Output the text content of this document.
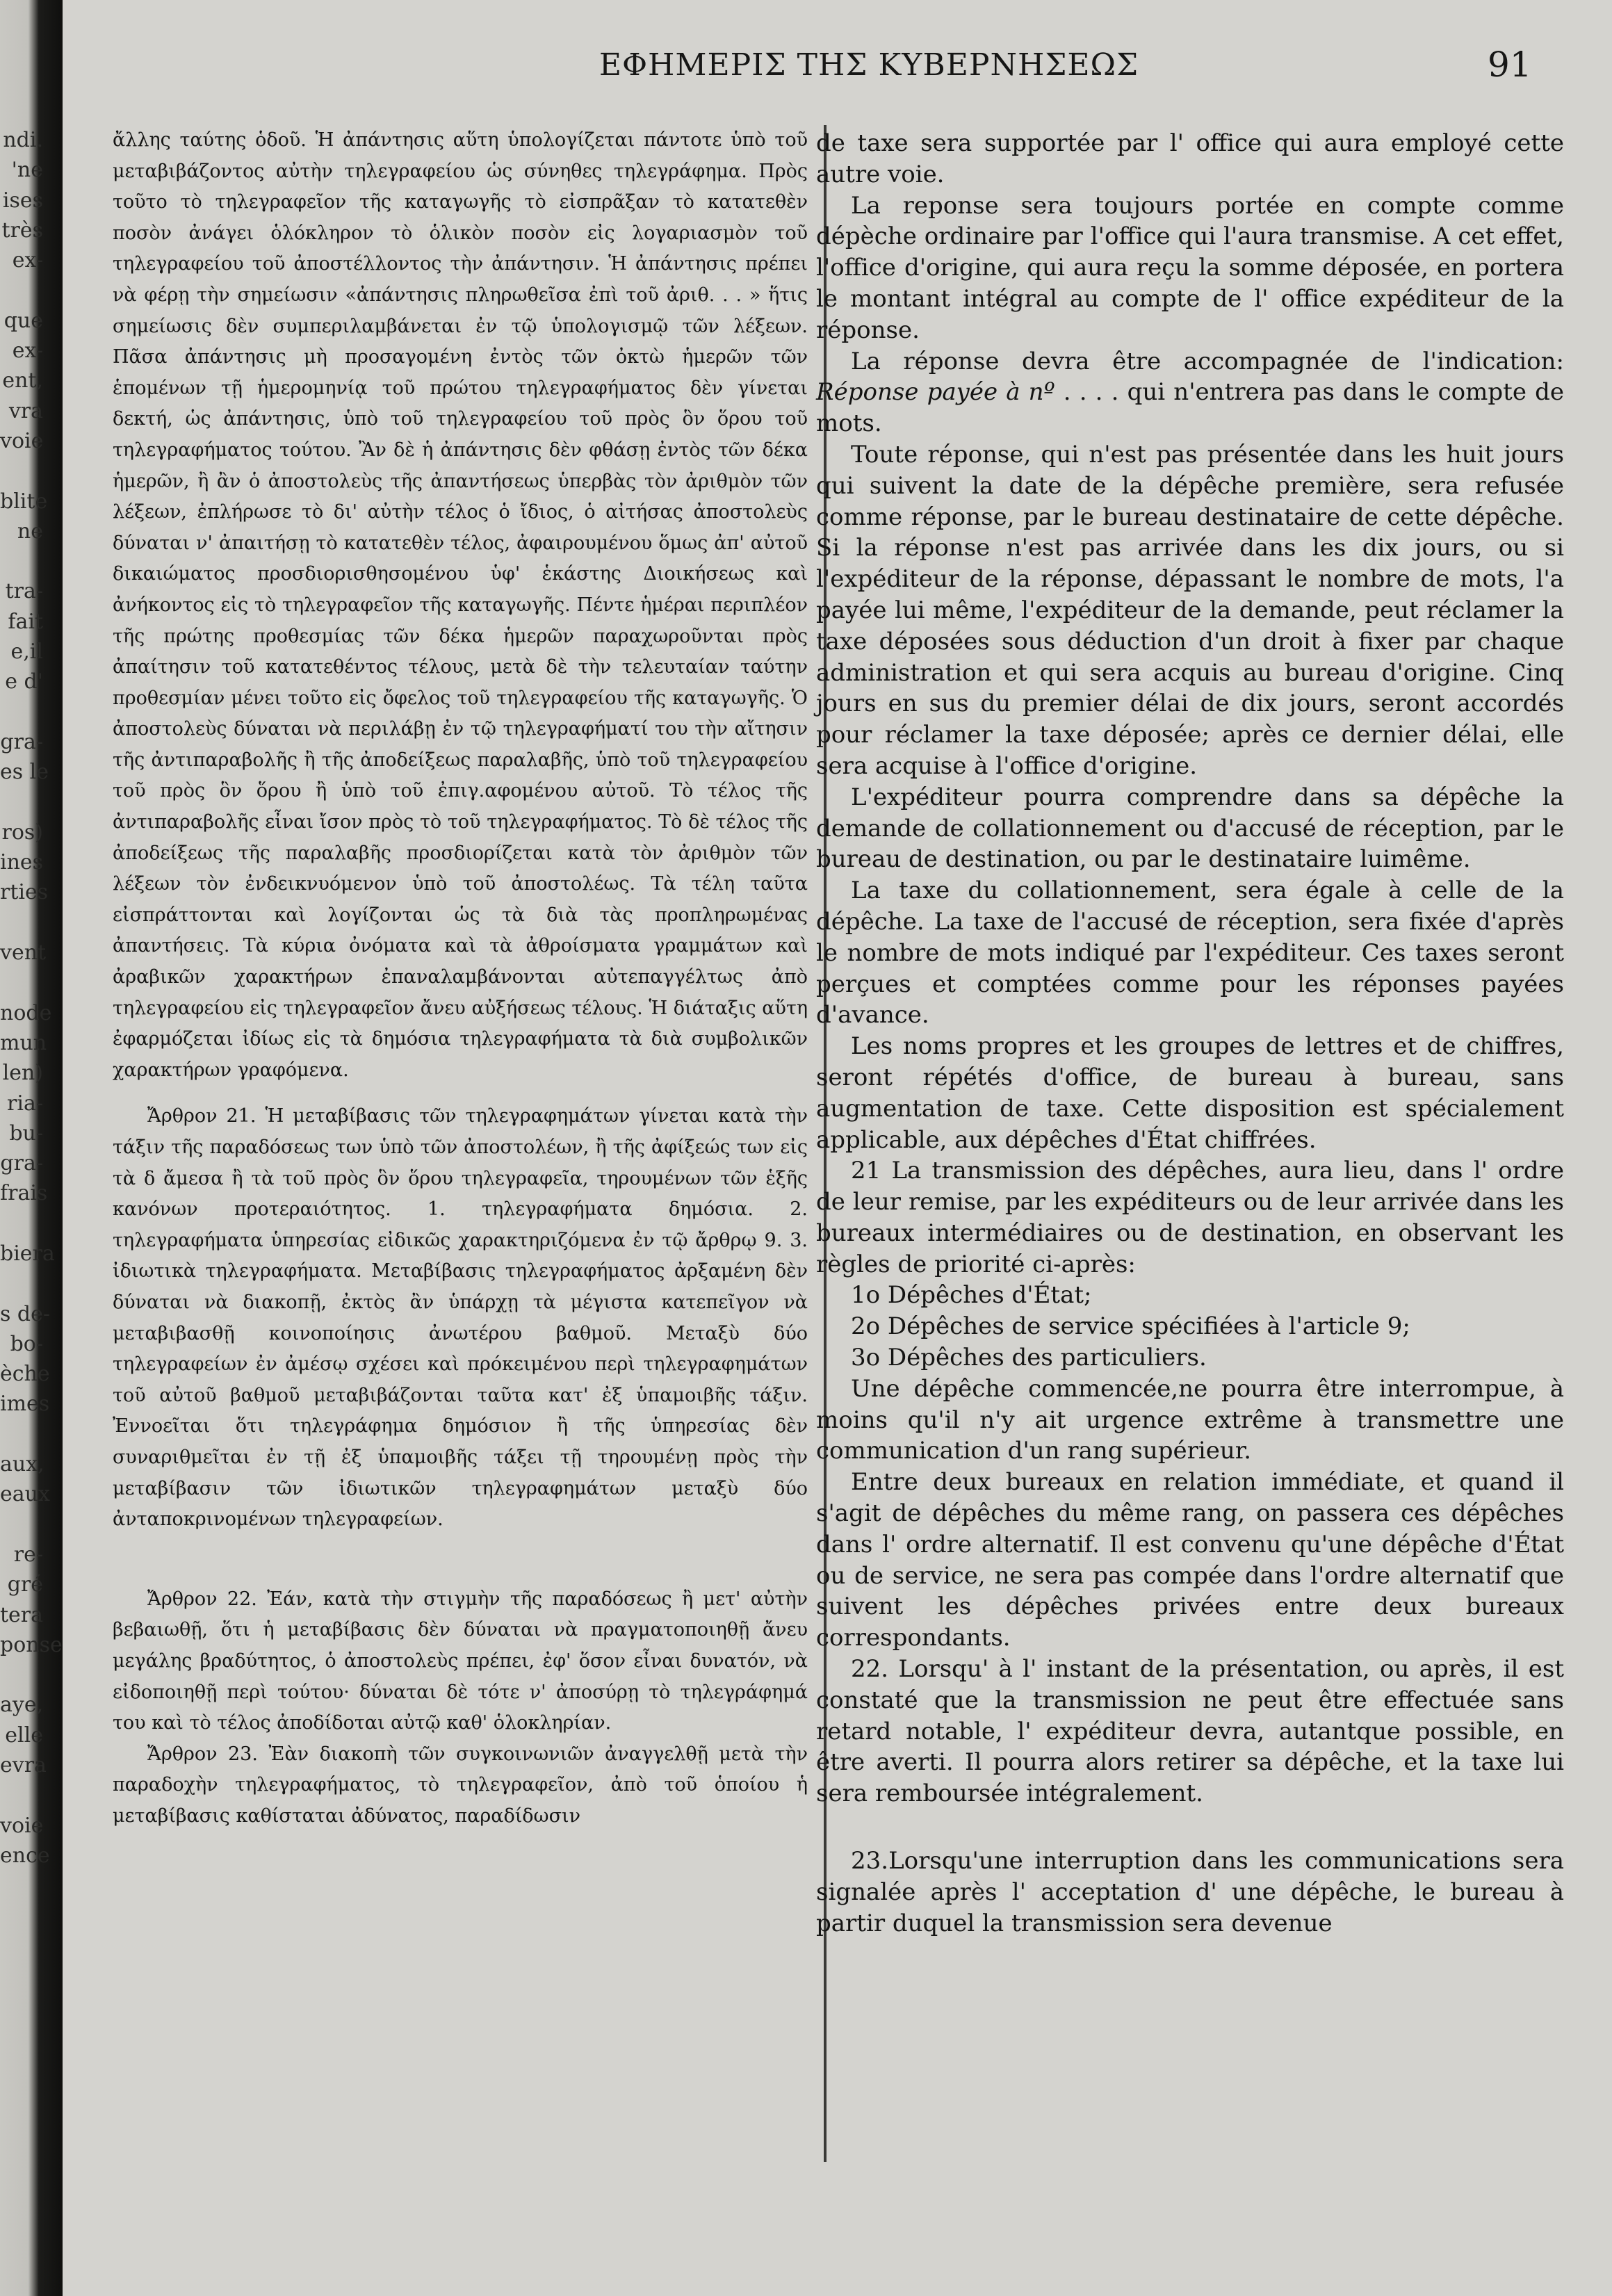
ndi.
'ne
ises
très
ex-
que
ex-
ent,
vra
voie
blite
ne
tra-
fait
e,il
e d'
gra-
es le
ros)
ines
rties
vent
node
mun
len)
ria-
bu-
gra-
frais
biera
s de-
bo-
èche
imes
aux,
eaux
re-
gré
tera
ponse
aye,
elle
evra
voie
ence
ΕΦΗΜΕΡΙΣ ΤΗΣ ΚΥΒΕΡΝΗΣΕΩΣ	91

ἄλλης ταύτης ὁδοῦ. Ἡ ἀπάντησις αὕτη ὑπολογίζεται πάντοτε ὑπὸ τοῦ μεταβιβάζοντος αὐτὴν τηλεγραφείου ὡς σύνηθες τηλεγράφημα. Πρὸς τοῦτο τὸ τηλεγραφεῖον τῆς καταγωγῆς τὸ εἰσπρᾶξαν τὸ κατατεθὲν ποσὸν ἀνάγει ὁλόκληρον τὸ ὁλικὸν ποσὸν εἰς λογαριασμὸν τοῦ τηλεγραφείου τοῦ ἀποστέλλοντος τὴν ἀπάντησιν. Ἡ ἀπάντησις πρέπει νὰ φέρῃ τὴν σημείωσιν «ἀπάντησις πληρωθεῖσα ἐπὶ τοῦ ἀριθ. . . » ἥτις σημείωσις δὲν συμπεριλαμβάνεται ἐν τῷ ὑπολογισμῷ τῶν λέξεων. Πᾶσα ἀπάντησις μὴ προσαγομένη ἐντὸς τῶν ὀκτὼ ἡμερῶν τῶν ἑπομένων τῇ ἡμερομηνίᾳ τοῦ πρώτου τηλεγραφήματος δὲν γίνεται δεκτή, ὡς ἀπάντησις, ὑπὸ τοῦ τηλεγραφείου τοῦ πρὸς ὃν ὅρου τοῦ τηλεγραφήματος τούτου. Ἂν δὲ ἡ ἀπάντησις δὲν φθάσῃ ἐντὸς τῶν δέκα ἡμερῶν, ἢ ἂν ὁ ἀποστολεὺς τῆς ἀπαντήσεως ὑπερβὰς τὸν ἀριθμὸν τῶν λέξεων, ἐπλήρωσε τὸ δι' αὐτὴν τέλος ὁ ἴδιος, ὁ αἰτήσας ἀποστολεὺς δύναται ν' ἀπαιτήσῃ τὸ κατατεθὲν τέλος, ἀφαιρουμένου ὅμως ἀπ' αὐτοῦ δικαιώματος προσδιορισθησομένου ὑφ' ἑκάστης Διοικήσεως καὶ ἀνήκοντος εἰς τὸ τηλεγραφεῖον τῆς καταγωγῆς. Πέντε ἡμέραι περιπλέον τῆς πρώτης προθεσμίας τῶν δέκα ἡμερῶν παραχωροῦνται πρὸς ἀπαίτησιν τοῦ κατατεθέντος τέλους, μετὰ δὲ τὴν τελευταίαν ταύτην προθεσμίαν μένει τοῦτο εἰς ὄφελος τοῦ τηλεγραφείου τῆς καταγωγῆς. Ὁ ἀποστολεὺς δύναται νὰ περιλάβῃ ἐν τῷ τηλεγραφήματί του τὴν αἴτησιν τῆς ἀντιπαραβολῆς ἢ τῆς ἀποδείξεως παραλαβῆς, ὑπὸ τοῦ τηλεγραφείου τοῦ πρὸς ὃν ὅρου ἢ ὑπὸ τοῦ ἐπιγ.αφομένου αὐτοῦ. Τὸ τέλος τῆς ἀντιπαραβολῆς εἶναι ἴσον πρὸς τὸ τοῦ τηλεγραφήματος. Τὸ δὲ τέλος τῆς ἀποδείξεως τῆς παραλαβῆς προσδιορίζεται κατὰ τὸν ἀριθμὸν τῶν λέξεων τὸν ἐνδεικνυόμενον ὑπὸ τοῦ ἀποστολέως. Τὰ τέλη ταῦτα εἰσπράττονται καὶ λογίζονται ὡς τὰ διὰ τὰς προπληρωμένας ἀπαντήσεις. Τὰ κύρια ὀνόματα καὶ τὰ ἀθροίσματα γραμμάτων καὶ ἀραβικῶν χαρακτήρων ἐπαναλαμβάνονται αὐτεπαγγέλτως ἀπὸ τηλεγραφείου εἰς τηλεγραφεῖον ἄνευ αὐξήσεως τέλους. Ἡ διάταξις αὕτη ἐφαρμόζεται ἰδίως εἰς τὰ δημόσια τηλεγραφήματα τὰ διὰ συμβολικῶν χαρακτήρων γραφόμενα.

Ἄρθρον 21. Ἡ μεταβίβασις τῶν τηλεγραφημάτων γίνεται κατὰ τὴν τάξιν τῆς παραδόσεως των ὑπὸ τῶν ἀποστολέων, ἢ τῆς ἀφίξεώς των εἰς τὰ δ ἄμεσα ἢ τὰ τοῦ πρὸς ὃν ὅρου τηλεγραφεῖα, τηρουμένων τῶν ἑξῆς κανόνων προτεραιότητος. 1. τηλεγραφήματα δημόσια. 2. τηλεγραφήματα ὑπηρεσίας εἰδικῶς χαρακτηριζόμενα ἐν τῷ ἄρθρῳ 9. 3. ἰδιωτικὰ τηλεγραφήματα. Μεταβίβασις τηλεγραφήματος ἀρξαμένη δὲν δύναται νὰ διακοπῇ, ἐκτὸς ἂν ὑπάρχῃ τὰ μέγιστα κατεπεῖγον νὰ μεταβιβασθῇ κοινοποίησις ἀνωτέρου βαθμοῦ. Μεταξὺ δύο τηλεγραφείων ἐν ἀμέσῳ σχέσει καὶ πρόκειμένου περὶ τηλεγραφημάτων τοῦ αὐτοῦ βαθμοῦ μεταβιβάζονται ταῦτα κατ' ἐξ ὑπαμοιβῆς τάξιν. Ἐννοεῖται ὅτι τηλεγράφημα δημόσιον ἢ τῆς ὑπηρεσίας δὲν συναριθμεῖται ἐν τῇ ἐξ ὑπαμοιβῆς τάξει τῇ τηρουμένῃ πρὸς τὴν μεταβίβασιν τῶν ἰδιωτικῶν τηλεγραφημάτων μεταξὺ δύο ἀνταποκρινομένων τηλεγραφείων.

Ἄρθρον 22. Ἐάν, κατὰ τὴν στιγμὴν τῆς παραδόσεως ἢ μετ' αὐτὴν βεβαιωθῇ, ὅτι ἡ μεταβίβασις δὲν δύναται νὰ πραγματοποιηθῇ ἄνευ μεγάλης βραδύτητος, ὁ ἀποστολεὺς πρέπει, ἐφ' ὅσον εἶναι δυνατόν, νὰ εἰδοποιηθῇ περὶ τούτου· δύναται δὲ τότε ν' ἀποσύρῃ τὸ τηλεγράφημά του καὶ τὸ τέλος ἀποδίδοται αὐτῷ καθ' ὁλοκληρίαν.

Ἄρθρον 23. Ἐὰν διακοπὴ τῶν συγκοινωνιῶν ἀναγγελθῇ μετὰ τὴν παραδοχὴν τηλεγραφήματος, τὸ τηλεγραφεῖον, ἀπὸ τοῦ ὁποίου ἡ μεταβίβασις καθίσταται ἀδύνατος, παραδίδωσιν

de taxe sera supportée par l' office qui aura employé cette autre voie.

La reponse sera toujours portée en compte comme dépèche ordinaire par l'office qui l'aura transmise. A cet effet, l'office d'origine, qui aura reçu la somme déposée, en portera le montant intégral au compte de l' office expéditeur de la réponse.

La réponse devra être accompagnée de l'indication: Réponse payée à nº . . . . qui n'entrera pas dans le compte de mots.

Toute réponse, qui n'est pas présentée dans les huit jours qui suivent la date de la dépêche première, sera refusée comme réponse, par le bureau destinataire de cette dépêche. Si la réponse n'est pas arrivée dans les dix jours, ou si l'expéditeur de la réponse, dépassant le nombre de mots, l'a payée lui même, l'expéditeur de la demande, peut réclamer la taxe déposées sous déduction d'un droit à fixer par chaque administration et qui sera acquis au bureau d'origine. Cinq jours en sus du premier délai de dix jours, seront accordés pour réclamer la taxe déposée; après ce dernier délai, elle sera acquise à l'office d'origine.

L'expéditeur pourra comprendre dans sa dépêche la demande de collationnement ou d'accusé de réception, par le bureau de destination, ou par le destinataire luimême.

La taxe du collationnement, sera égale à celle de la dépêche. La taxe de l'accusé de réception, sera fixée d'après le nombre de mots indiqué par l'expéditeur. Ces taxes seront perçues et comptées comme pour les réponses payées d'avance.

Les noms propres et les groupes de lettres et de chiffres, seront répétés d'office, de bureau à bureau, sans augmentation de taxe. Cette disposition est spécialement applicable, aux dépêches d'État chiffrées.

21 La transmission des dépêches, aura lieu, dans l' ordre de leur remise, par les expéditeurs ou de leur arrivée dans les bureaux intermédiaires ou de destination, en observant les règles de priorité ci-après:

1o Dépêches d'État;

2o Dépêches de service spécifiées à l'article 9;

3o Dépêches des particuliers.

Une dépêche commencée,ne pourra être interrompue, à moins qu'il n'y ait urgence extrême à transmettre une communication d'un rang supérieur.

Entre deux bureaux en relation immédiate, et quand il s'agit de dépêches du même rang, on passera ces dépêches dans l' ordre alternatif. Il est convenu qu'une dépêche d'État ou de service, ne sera pas compée dans l'ordre alternatif que suivent les dépêches privées entre deux bureaux correspondants.

22. Lorsqu' à l' instant de la présentation, ou après, il est constaté que la transmission ne peut être effectuée sans retard notable, l' expéditeur devra, autantque possible, en être averti. Il pourra alors retirer sa dépêche, et la taxe lui sera remboursée intégralement.

23.Lorsqu'une interruption dans les communications sera signalée après l' acceptation d' une dépêche, le bureau à partir duquel la transmission sera devenue
